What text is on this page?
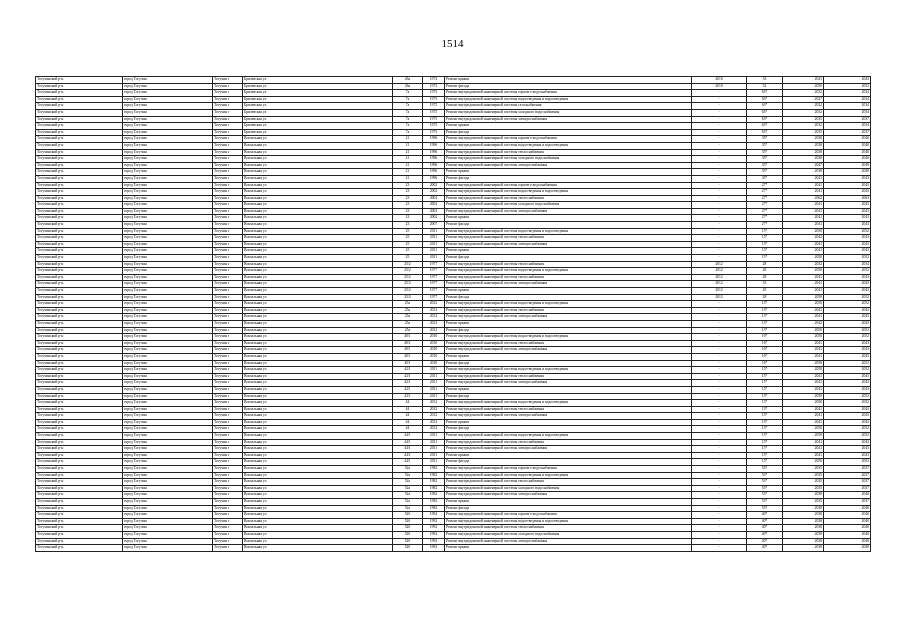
1514
Тогучинский р-н	город Тогучин	Тогучин г	Брилевская ул	26а	1972	Ремонт крыши	2010	33	2041	2043
Тогучинский р-н	город Тогучин	Тогучин г	Брилевская ул	26а	1972	Ремонт фасада	2010	32	2050	2052
Тогучинский р-н	город Тогучин	Тогучин г	Брилевская ул	7а	1975	Ремонт внутридомовой инженерной системы горячего водоснабжения	-	63*	2032	2034
Тогучинский р-н	город Тогучин	Тогучин г	Брилевская ул	7а	1975	Ремонт внутридомовой инженерной системы водоотведения и водоотведения	-	63*	2027	2034
Тогучинский р-н	город Тогучин	Тогучин г	Брилевская ул	7а	1975	Ремонт внутридомовой инженерной системы газоснабжения	-	63*	2022	2034
Тогучинский р-н	город Тогучин	Тогучин г	Брилевская ул	7а	1975	Ремонт внутридомовой инженерной системы холодного водоснабжения	-	63*	2032	2034
Тогучинский р-н	город Тогучин	Тогучин г	Брилевская ул	7а	1975	Ремонт внутридомовой инженерной системы электроснабжения	-	63*	2035	2037
Тогучинский р-н	город Тогучин	Тогучин г	Брилевская ул	7а	1975	Ремонт крыши	-	63*	2032	2034
Тогучинский р-н	город Тогучин	Тогучин г	Брилевская ул	7а	1975	Ремонт фасада	-	63*	2035	2037
Тогучинский р-н	город Тогучин	Тогучин г	Вокзальная ул	21	1996	Ремонт внутридомовой инженерной системы горячего водоснабжения	-	35*	2038	2040
Тогучинский р-н	город Тогучин	Тогучин г	Вокзальная ул	21	1996	Ремонт внутридомовой инженерной системы водоотведения и водоотведения	-	35*	2038	2040
Тогучинский р-н	город Тогучин	Тогучин г	Вокзальная ул	21	1996	Ремонт внутридомовой инженерной системы теплоснабжения	-	35*	2038	2040
Тогучинский р-н	город Тогучин	Тогучин г	Вокзальная ул	21	1996	Ремонт внутридомовой инженерной системы холодного водоснабжения	-	35*	2038	2040
Тогучинский р-н	город Тогучин	Тогучин г	Вокзальная ул	21	1996	Ремонт внутридомовой инженерной системы электроснабжения	-	35*	2047	2049
Тогучинский р-н	город Тогучин	Тогучин г	Вокзальная ул	21	1996	Ремонт крыши	-	35*	2038	2040
Тогучинский р-н	город Тогучин	Тогучин г	Вокзальная ул	21	1996	Ремонт фасада	-	35*	2041	2043
Тогучинский р-н	город Тогучин	Тогучин г	Вокзальная ул	23	2002	Ремонт внутридомовой инженерной системы горячего водоснабжения	-	27*	2041	2043
Тогучинский р-н	город Тогучин	Тогучин г	Вокзальная ул	23	2002	Ремонт внутридомовой инженерной системы водоотведения и водоотведения	-	27*	2041	2043
Тогучинский р-н	город Тогучин	Тогучин г	Вокзальная ул	23	2002	Ремонт внутридомовой инженерной системы теплоснабжения	-	27*	2062	2063
Тогучинский р-н	город Тогучин	Тогучин г	Вокзальная ул	23	2002	Ремонт внутридомовой инженерной системы холодного водоснабжения	-	27*	2041	2043
Тогучинский р-н	город Тогучин	Тогучин г	Вокзальная ул	23	2002	Ремонт внутридомовой инженерной системы электроснабжения	-	27*	2041	2043
Тогучинский р-н	город Тогучин	Тогучин г	Вокзальная ул	23	2002	Ремонт крыши	-	27*	2041	2043
Тогучинский р-н	город Тогучин	Тогучин г	Вокзальная ул	23	2007	Ремонт фасада	-	27*	2041	2043
Тогучинский р-н	город Тогучин	Тогучин г	Вокзальная ул	25	2011	Ремонт внутридомовой инженерной системы водоотведения и водоотведения	-	15*	2050	2052
Тогучинский р-н	город Тогучин	Тогучин г	Вокзальная ул	25	2011	Ремонт внутридомовой инженерной системы теплоснабжения	-	15*	2042	2043
Тогучинский р-н	город Тогучин	Тогучин г	Вокзальная ул	25	2011	Ремонт внутридомовой инженерной системы электроснабжения	-	15*	2041	2043
Тогучинский р-н	город Тогучин	Тогучин г	Вокзальная ул	25	2011	Ремонт крыши	-	15*	2041	2043
Тогучинский р-н	город Тогучин	Тогучин г	Вокзальная ул	25	2011	Ремонт фасада	-	15*	2050	2052
Тогучинский р-н	город Тогучин	Тогучин г	Вокзальная ул	25/2	1977	Ремонт внутридомовой инженерной системы теплоснабжения	2012	28	2032	2034
Тогучинский р-н	город Тогучин	Тогучин г	Вокзальная ул	25/2	1977	Ремонт внутридомовой инженерной системы водоотведения и водоотведения	2012	28	2050	2052
Тогучинский р-н	город Тогучин	Тогучин г	Вокзальная ул	25/2	1977	Ремонт внутридомовой инженерной системы теплоснабжения	2012	28	2041	2043
Тогучинский р-н	город Тогучин	Тогучин г	Вокзальная ул	25/2	1977	Ремонт внутридомовой инженерной системы электроснабжения	2012	33	2041	2043
Тогучинский р-н	город Тогучин	Тогучин г	Вокзальная ул	25/2	1977	Ремонт крыши	2012	45	2041	2043
Тогучинский р-н	город Тогучин	Тогучин г	Вокзальная ул	25/2	1977	Ремонт фасада	2012	28	2050	2052
Тогучинский р-н	город Тогучин	Тогучин г	Вокзальная ул	25а	2012	Ремонт внутридомовой инженерной системы водоотведения и водоотведения	-	13*	2050	2052
Тогучинский р-н	город Тогучин	Тогучин г	Вокзальная ул	25а	2012	Ремонт внутридомовой инженерной системы теплоснабжения	-	13*	2041	2043
Тогучинский р-н	город Тогучин	Тогучин г	Вокзальная ул	25а	2012	Ремонт внутридомовой инженерной системы электроснабжения	-	13*	2041	2043
Тогучинский р-н	город Тогучин	Тогучин г	Вокзальная ул	25а	2012	Ремонт крыши	-	13*	2042	2043
Тогучинский р-н	город Тогучин	Тогучин г	Вокзальная ул	25а	2012	Ремонт фасада	-	13*	2050	2052
Тогучинский р-н	город Тогучин	Тогучин г	Вокзальная ул	40/1	2010	Ремонт внутридомовой инженерной системы водоотведения и водоотведения	-	16*	2050	2052
Тогучинский р-н	город Тогучин	Тогучин г	Вокзальная ул	40/1	2010	Ремонт внутридомовой инженерной системы теплоснабжения	-	16*	2041	2043
Тогучинский р-н	город Тогучин	Тогучин г	Вокзальная ул	40/1	2010	Ремонт внутридомовой инженерной системы электроснабжения	-	16*	2041	2043
Тогучинский р-н	город Тогучин	Тогучин г	Вокзальная ул	40/1	2010	Ремонт крыши	-	16*	2041	2043
Тогучинский р-н	город Тогучин	Тогучин г	Вокзальная ул	40/1	2010	Ремонт фасада	-	16*	2050	2052
Тогучинский р-н	город Тогучин	Тогучин г	Вокзальная ул	42/1	2011	Ремонт внутридомовой инженерной системы водоотведения и водоотведения	-	15*	2050	2052
Тогучинский р-н	город Тогучин	Тогучин г	Вокзальная ул	42/1	2011	Ремонт внутридомовой инженерной системы теплоснабжения	-	15*	2041	2043
Тогучинский р-н	город Тогучин	Тогучин г	Вокзальная ул	42/1	2011	Ремонт внутридомовой инженерной системы электроснабжения	-	15*	2041	2043
Тогучинский р-н	город Тогучин	Тогучин г	Вокзальная ул	42/1	2011	Ремонт крыши	-	15*	2041	2043
Тогучинский р-н	город Тогучин	Тогучин г	Вокзальная ул	42/1	2011	Ремонт фасада	-	15*	2050	2052
Тогучинский р-н	город Тогучин	Тогучин г	Вокзальная ул	44	2012	Ремонт внутридомовой инженерной системы водоотведения и водоотведения	-	13*	2050	2052
Тогучинский р-н	город Тогучин	Тогучин г	Вокзальная ул	44	2012	Ремонт внутридомовой инженерной системы теплоснабжения	-	13*	2041	2043
Тогучинский р-н	город Тогучин	Тогучин г	Вокзальная ул	44	2012	Ремонт внутридомовой инженерной системы электроснабжения	-	13*	2041	2043
Тогучинский р-н	город Тогучин	Тогучин г	Вокзальная ул	44	2012	Ремонт крыши	-	13*	2041	2043
Тогучинский р-н	город Тогучин	Тогучин г	Вокзальная ул	44	2012	Ремонт фасада	-	13*	2050	2052
Тогучинский р-н	город Тогучин	Тогучин г	Вокзальная ул	44/1	2011	Ремонт внутридомовой инженерной системы водоотведения и водоотведения	-	15*	2050	2052
Тогучинский р-н	город Тогучин	Тогучин г	Вокзальная ул	44/1	2011	Ремонт внутридомовой инженерной системы теплоснабжения	-	15*	2041	2043
Тогучинский р-н	город Тогучин	Тогучин г	Вокзальная ул	44/1	2011	Ремонт внутридомовой инженерной системы электроснабжения	-	15*	2041	2043
Тогучинский р-н	город Тогучин	Тогучин г	Вокзальная ул	44/1	2011	Ремонт крыши	-	15*	2041	2043
Тогучинский р-н	город Тогучин	Тогучин г	Вокзальная ул	44/1	2011	Ремонт фасада	-	15*	2050	2052
Тогучинский р-н	город Тогучин	Тогучин г	Вокзальная ул	52а	1982	Ремонт внутридомовой инженерной системы горячего водоснабжения	-	53*	2035	2037
Тогучинский р-н	город Тогучин	Тогучин г	Вокзальная ул	52а	1982	Ремонт внутридомовой инженерной системы водоотведения и водоотведения	-	53*	2035	2037
Тогучинский р-н	город Тогучин	Тогучин г	Вокзальная ул	52а	1982	Ремонт внутридомовой инженерной системы теплоснабжения	-	53*	2035	2037
Тогучинский р-н	город Тогучин	Тогучин г	Вокзальная ул	52а	1982	Ремонт внутридомовой инженерной системы холодного водоснабжения	-	53*	2035	2037
Тогучинский р-н	город Тогучин	Тогучин г	Вокзальная ул	52а	1982	Ремонт внутридомовой инженерной системы электроснабжения	-	53*	2038	2040
Тогучинский р-н	город Тогучин	Тогучин г	Вокзальная ул	52а	1982	Ремонт крыши	-	53*	2035	2037
Тогучинский р-н	город Тогучин	Тогучин г	Вокзальная ул	52а	1982	Ремонт фасада	-	53*	2038	2040
Тогучинский р-н	город Тогучин	Тогучин г	Вокзальная ул	52б	1992	Ремонт внутридомовой инженерной системы горячего водоснабжения	-	40*	2038	2040
Тогучинский р-н	город Тогучин	Тогучин г	Вокзальная ул	52б	1992	Ремонт внутридомовой инженерной системы водоотведения и водоотведения	-	40*	2038	2040
Тогучинский р-н	город Тогучин	Тогучин г	Вокзальная ул	52б	1992	Ремонт внутридомовой инженерной системы теплоснабжения	-	40*	2038	2040
Тогучинский р-н	город Тогучин	Тогучин г	Вокзальная ул	52б	1992	Ремонт внутридомовой инженерной системы холодного водоснабжения	-	40*	2038	2040
Тогучинский р-н	город Тогучин	Тогучин г	Вокзальная ул	52б	1992	Ремонт внутридомовой инженерной системы электроснабжения	-	40*	2038	2040
Тогучинский р-н	город Тогучин	Тогучин г	Вокзальная ул	52б	1992	Ремонт крыши	-	40*	2038	2040
